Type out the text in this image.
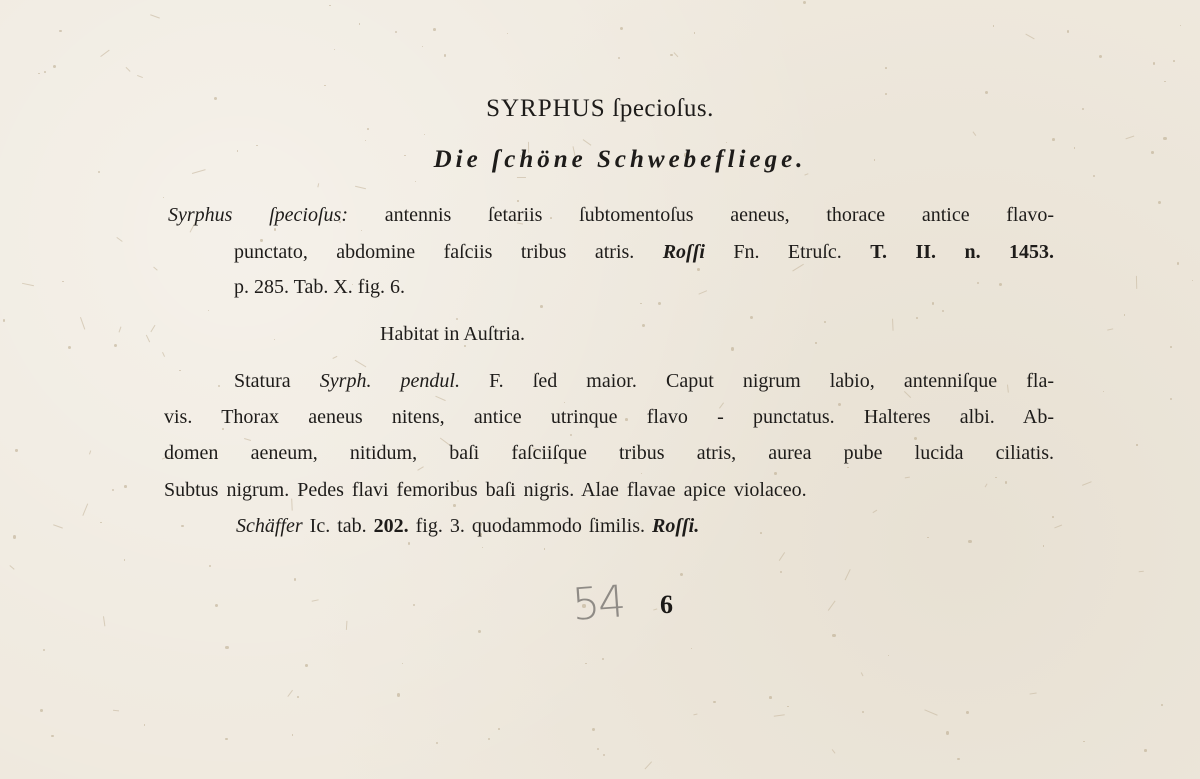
SYRPHUS ſpecioſus.
Die ſchöne Schwebefliege.
Syrphus ſpecioſus: antennis ſetariis ſubtomentoſus aeneus, thorace antice flavo-
punctato, abdomine faſciis tribus atris. Roſſi Fn. Etruſc. T. II. n. 1453.
p. 285. Tab. X. fig. 6.
Habitat in Auſtria.
Statura Syrph. pendul. F. ſed maior. Caput nigrum labio, antenniſque fla-
vis. Thorax aeneus nitens, antice utrinque flavo - punctatus. Halteres albi. Ab-
domen aeneum, nitidum, baſi faſciiſque tribus atris, aurea pube lucida ciliatis.
Subtus nigrum. Pedes flavi femoribus baſi nigris. Alae flavae apice violaceo.
Schäffer Ic. tab. 202. fig. 3. quodammodo ſimilis. Roſſi.
54 6
